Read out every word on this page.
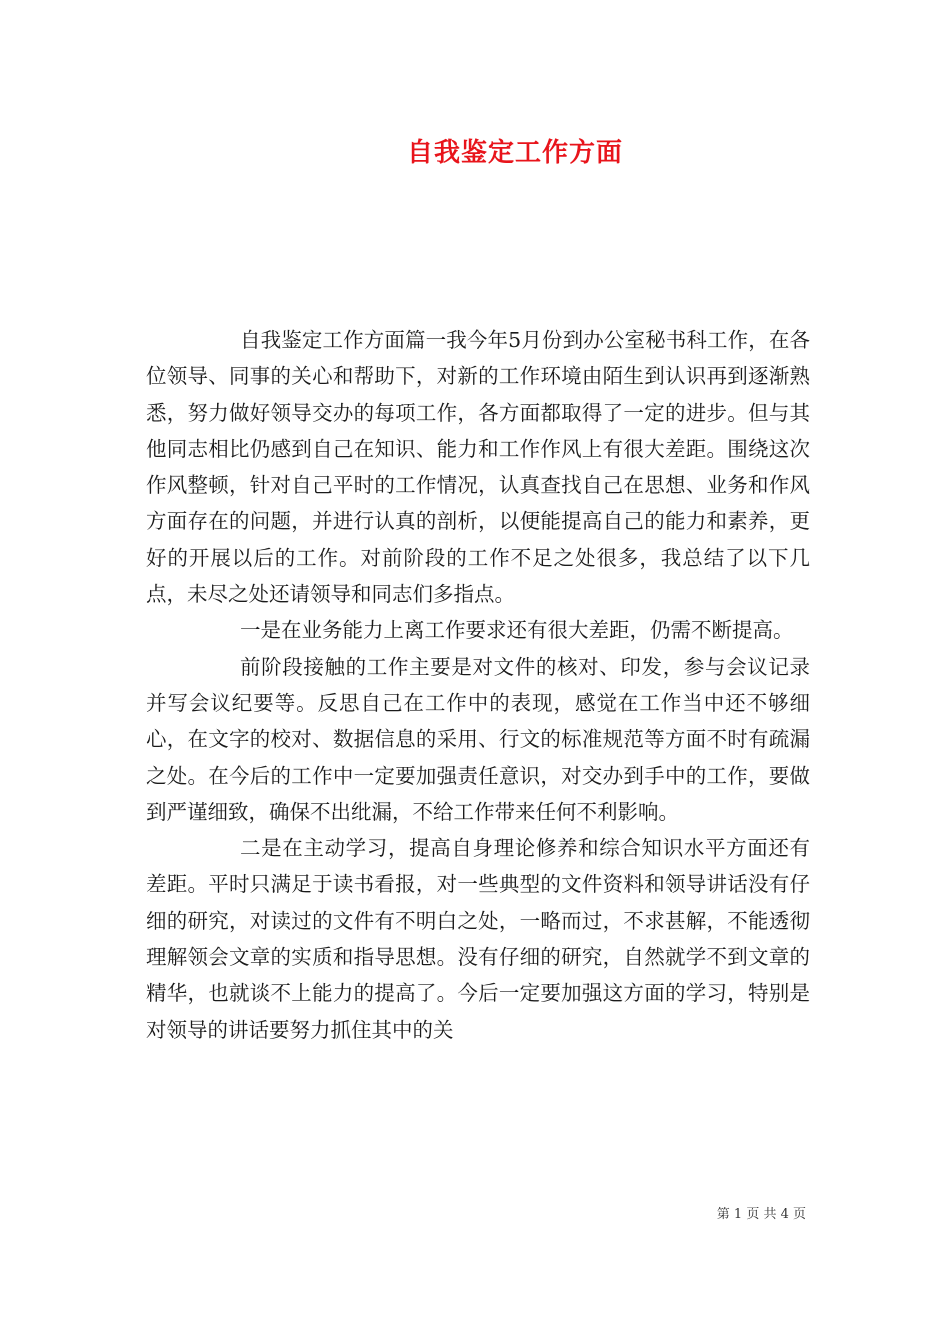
自我鉴定工作方面

自我鉴定工作方面篇一我今年5月份到办公室秘书科工作，在各位领导、同事的关心和帮助下，对新的工作环境由陌生到认识再到逐渐熟悉，努力做好领导交办的每项工作，各方面都取得了一定的进步。但与其他同志相比仍感到自己在知识、能力和工作作风上有很大差距。围绕这次作风整顿，针对自己平时的工作情况，认真查找自己在思想、业务和作风方面存在的问题，并进行认真的剖析，以便能提高自己的能力和素养，更好的开展以后的工作。对前阶段的工作不足之处很多，我总结了以下几点，未尽之处还请领导和同志们多指点。

一是在业务能力上离工作要求还有很大差距，仍需不断提高。

前阶段接触的工作主要是对文件的核对、印发，参与会议记录并写会议纪要等。反思自己在工作中的表现，感觉在工作当中还不够细心，在文字的校对、数据信息的采用、行文的标准规范等方面不时有疏漏之处。在今后的工作中一定要加强责任意识，对交办到手中的工作，要做到严谨细致，确保不出纰漏，不给工作带来任何不利影响。

二是在主动学习，提高自身理论修养和综合知识水平方面还有差距。平时只满足于读书看报，对一些典型的文件资料和领导讲话没有仔细的研究，对读过的文件有不明白之处，一略而过，不求甚解，不能透彻理解领会文章的实质和指导思想。没有仔细的研究，自然就学不到文章的精华，也就谈不上能力的提高了。今后一定要加强这方面的学习，特别是对领导的讲话要努力抓住其中的关

第 1 页 共 4 页
